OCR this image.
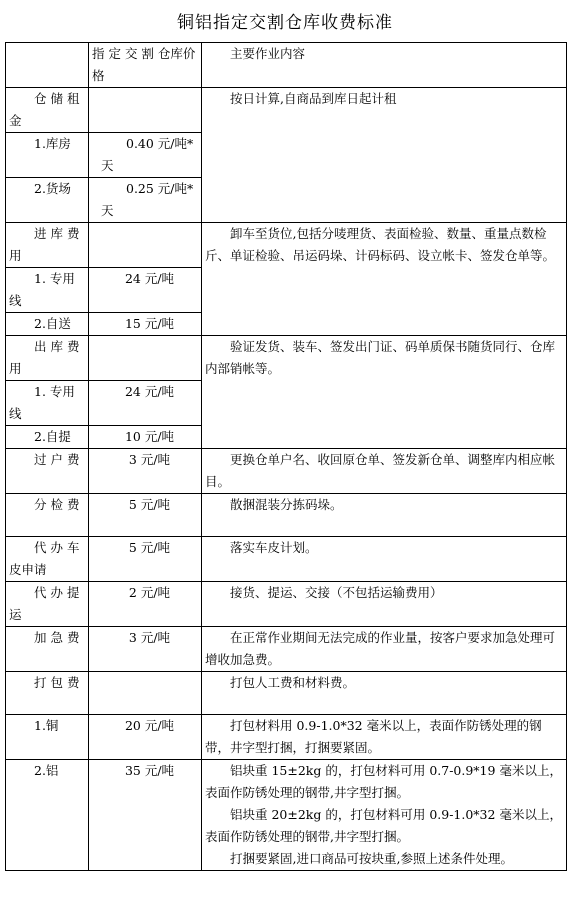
铜铝指定交割仓库收费标准
	指 定 交 割 仓库价格	主要作业内容
仓 储 租金		按日计算,自商品到库日起计租

1.库房	0.40 元/吨*天	
2.货场	0.25 元/吨*天	
进 库 费用		卸车至货位,包括分唛理货、表面检验、数量、重量点数检斤、单证检验、吊运码垛、计码标码、设立帐卡、签发仓单等。

1. 专用线	24 元/吨	
2.自送	15 元/吨	
出 库 费用		验证发货、装车、签发出门证、码单质保书随货同行、仓库内部销帐等。

1. 专用线	24 元/吨	
2.自提	10 元/吨	
过 户 费	3 元/吨	更换仓单户名、收回原仓单、签发新仓单、调整库内相应帐目。

分 检 费	5 元/吨	散捆混装分拣码垛。

代 办 车皮申请	5 元/吨	落实车皮计划。

代 办 提运	2 元/吨	接货、提运、交接（不包括运输费用）

加 急 费	3 元/吨	在正常作业期间无法完成的作业量，按客户要求加急处理可增收加急费。

打 包 费		打包人工费和材料费。

1.铜	20 元/吨	打包材料用 0.9-1.0*32 毫米以上，表面作防锈处理的钢带，井字型打捆，打捆要紧固。

2.铝	35 元/吨	铝块重 15±2kg 的，打包材料可用 0.7-0.9*19 毫米以上，表面作防锈处理的钢带,井字型打捆。

铝块重 20±2kg 的，打包材料可用 0.9-1.0*32 毫米以上，表面作防锈处理的钢带,井字型打捆。

打捆要紧固,进口商品可按块重,参照上述条件处理。
